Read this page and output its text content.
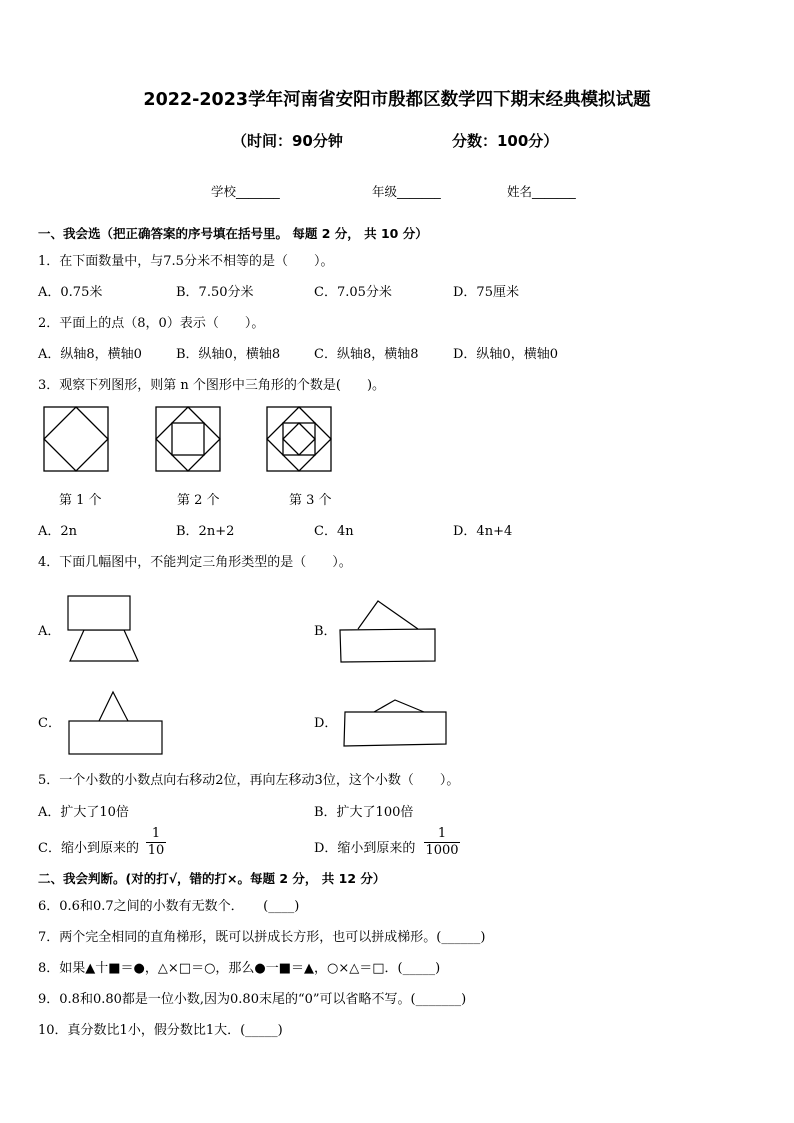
2022-2023学年河南省安阳市殷都区数学四下期末经典模拟试题
（时间：90分钟	分数：100分）
学校_______	年级_______	姓名_______
一、我会选（把正确答案的序号填在括号里。 每题 2 分， 共 10 分）
1．在下面数量中，与7.5分米不相等的是（　　）。
A．0.75米	B．7.50分米	C．7.05分米	D．75厘米
2．平面上的点（8，0）表示（　　）。
A．纵轴8，横轴0	B．纵轴0，横轴8	C．纵轴8，横轴8	D．纵轴0，横轴0
3．观察下列图形，则第 n 个图形中三角形的个数是(　　)。
第 1 个	第 2 个	第 3 个
A．2n	B．2n+2	C．4n	D．4n+4
4．下面几幅图中，不能判定三角形类型的是（　　）。
A．	B．
C．	D．
5．一个小数的小数点向右移动2位，再向左移动3位，这个小数（　　）。
A．扩大了10倍	B．扩大了100倍
C．缩小到原来的
1
10	D．缩小到原来的
1
1000
二、我会判断。(对的打√，错的打×。每题 2 分， 共 12 分）
6．0.6和0.7之间的小数有无数个．　　(____)
7．两个完全相同的直角梯形，既可以拼成长方形，也可以拼成梯形。(______)
8．如果▲十■＝●，△×□＝○，那么●一■＝▲，○×△＝□．(_____)
9．0.8和0.80都是一位小数,因为0.80末尾的“0”可以省略不写。(_______)
10．真分数比1小，假分数比1大．(_____)
